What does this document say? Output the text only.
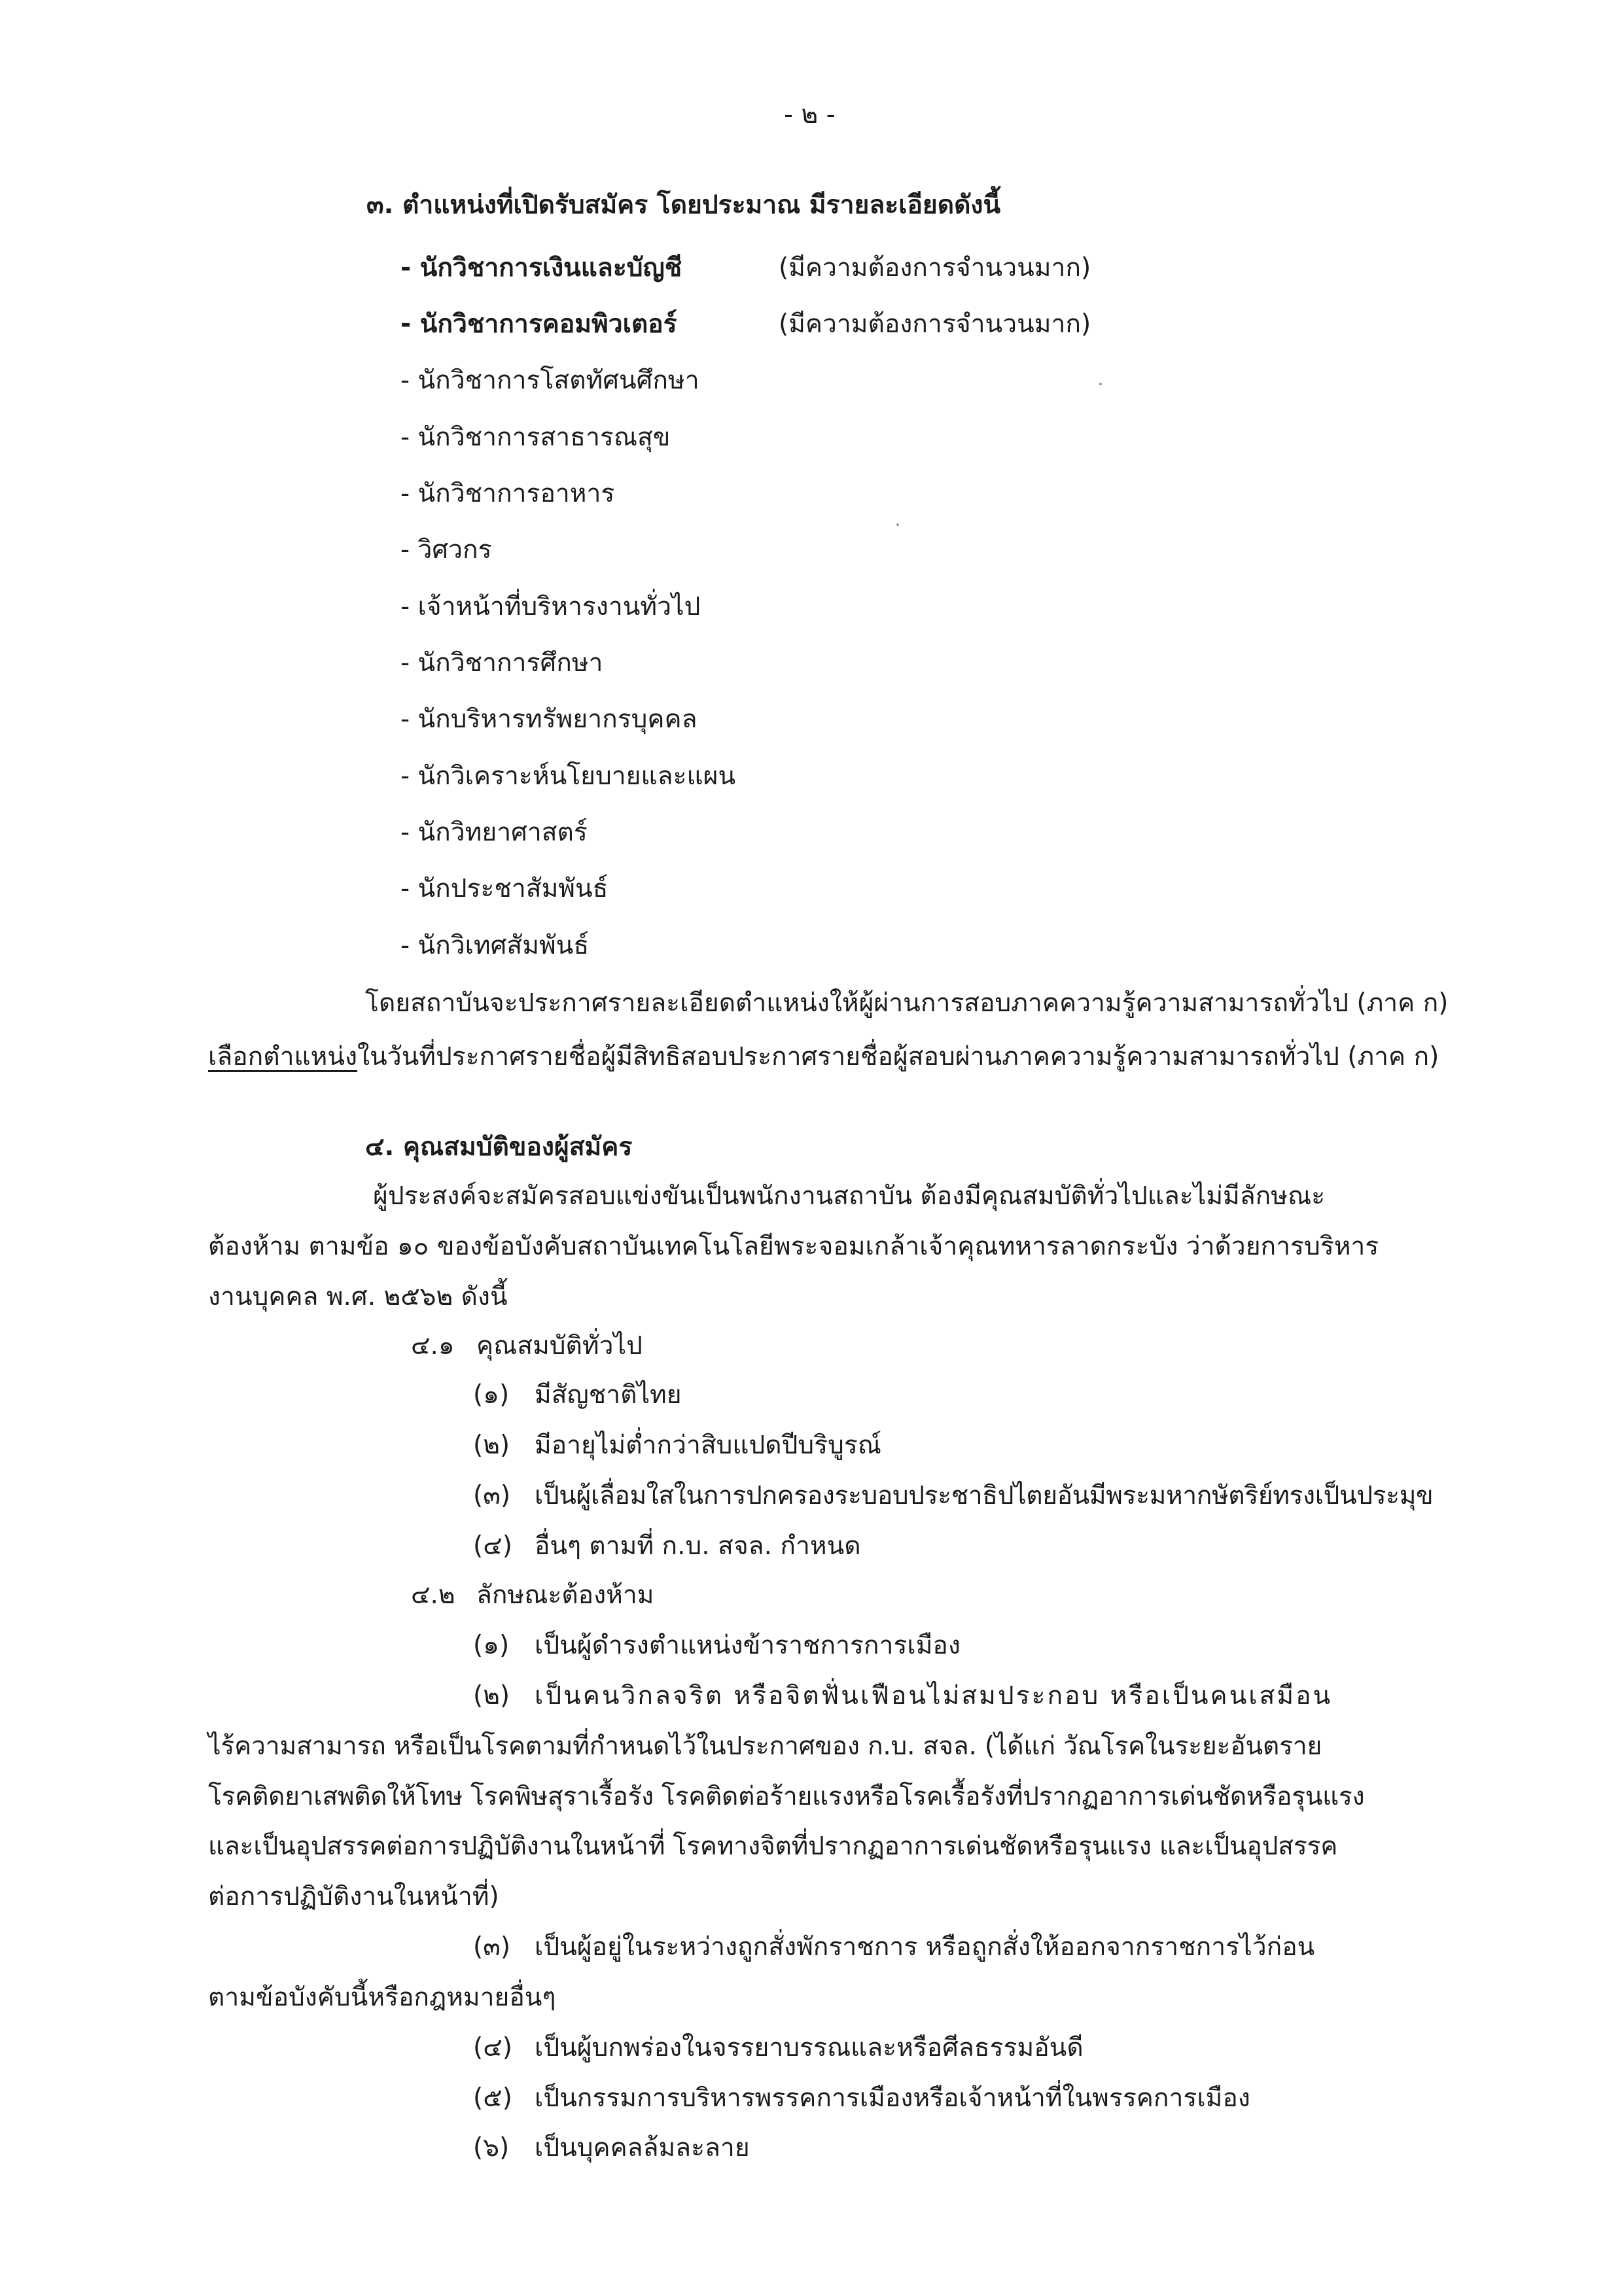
- ๒ -
๓. ตำแหน่งที่เปิดรับสมัคร โดยประมาณ มีรายละเอียดดังนี้
- นักวิชาการเงินและบัญชี	(มีความต้องการจำนวนมาก)
- นักวิชาการคอมพิวเตอร์	(มีความต้องการจำนวนมาก)
- นักวิชาการโสตทัศนศึกษา
- นักวิชาการสาธารณสุข
- นักวิชาการอาหาร
- วิศวกร
- เจ้าหน้าที่บริหารงานทั่วไป
- นักวิชาการศึกษา
- นักบริหารทรัพยากรบุคคล
- นักวิเคราะห์นโยบายและแผน
- นักวิทยาศาสตร์
- นักประชาสัมพันธ์
- นักวิเทศสัมพันธ์
โดยสถาบันจะประกาศรายละเอียดตำแหน่งให้ผู้ผ่านการสอบภาคความรู้ความสามารถทั่วไป (ภาค ก)
เลือกตำแหน่งในวันที่ประกาศรายชื่อผู้มีสิทธิสอบประกาศรายชื่อผู้สอบผ่านภาคความรู้ความสามารถทั่วไป (ภาค ก)
๔. คุณสมบัติของผู้สมัคร
ผู้ประสงค์จะสมัครสอบแข่งขันเป็นพนักงานสถาบัน ต้องมีคุณสมบัติทั่วไปและไม่มีลักษณะ
ต้องห้าม ตามข้อ ๑๐ ของข้อบังคับสถาบันเทคโนโลยีพระจอมเกล้าเจ้าคุณทหารลาดกระบัง ว่าด้วยการบริหาร
งานบุคคล พ.ศ. ๒๕๖๒ ดังนี้
๔.๑ คุณสมบัติทั่วไป
(๑) มีสัญชาติไทย
(๒) มีอายุไม่ต่ำกว่าสิบแปดปีบริบูรณ์
(๓) เป็นผู้เลื่อมใสในการปกครองระบอบประชาธิปไตยอันมีพระมหากษัตริย์ทรงเป็นประมุข
(๔) อื่นๆ ตามที่ ก.บ. สจล. กำหนด
๔.๒ ลักษณะต้องห้าม
(๑) เป็นผู้ดำรงตำแหน่งข้าราชการการเมือง
(๒) เป็นคนวิกลจริต หรือจิตฟั่นเฟือนไม่สมประกอบ หรือเป็นคนเสมือน
ไร้ความสามารถ หรือเป็นโรคตามที่กำหนดไว้ในประกาศของ ก.บ. สจล. (ได้แก่ วัณโรคในระยะอันตราย
โรคติดยาเสพติดให้โทษ โรคพิษสุราเรื้อรัง โรคติดต่อร้ายแรงหรือโรคเรื้อรังที่ปรากฏอาการเด่นชัดหรือรุนแรง
และเป็นอุปสรรคต่อการปฏิบัติงานในหน้าที่ โรคทางจิตที่ปรากฏอาการเด่นชัดหรือรุนแรง และเป็นอุปสรรค
ต่อการปฏิบัติงานในหน้าที่)
(๓) เป็นผู้อยู่ในระหว่างถูกสั่งพักราชการ หรือถูกสั่งให้ออกจากราชการไว้ก่อน
ตามข้อบังคับนี้หรือกฎหมายอื่นๆ
(๔) เป็นผู้บกพร่องในจรรยาบรรณและหรือศีลธรรมอันดี
(๕) เป็นกรรมการบริหารพรรคการเมืองหรือเจ้าหน้าที่ในพรรคการเมือง
(๖) เป็นบุคคลล้มละลาย
